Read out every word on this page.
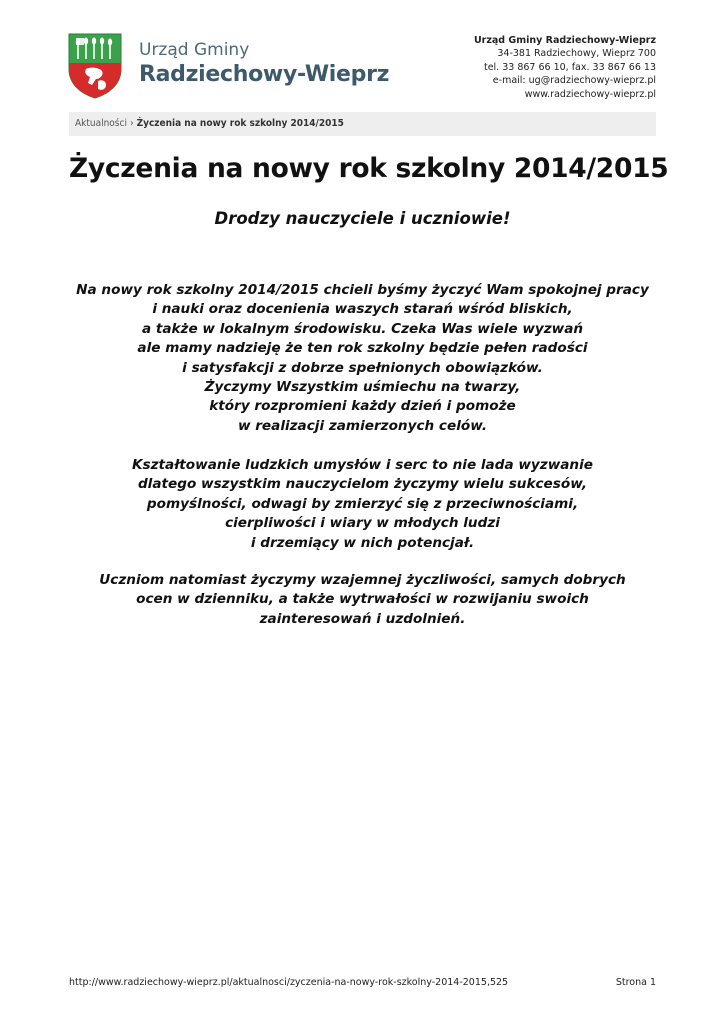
Urząd Gminy
Radziechowy-Wieprz
Urząd Gminy Radziechowy-Wieprz
34-381 Radziechowy, Wieprz 700
tel. 33 867 66 10, fax. 33 867 66 13
e-mail: ug@radziechowy-wieprz.pl
www.radziechowy-wieprz.pl
Aktualności › Życzenia na nowy rok szkolny 2014/2015
Życzenia na nowy rok szkolny 2014/2015
Drodzy nauczyciele i uczniowie!

Na nowy rok szkolny 2014/2015 chcieli byśmy życzyć Wam spokojnej pracy
i nauki oraz docenienia waszych starań wśród bliskich,
a także w lokalnym środowisku. Czeka Was wiele wyzwań
ale mamy nadzieję że ten rok szkolny będzie pełen radości
i satysfakcji z dobrze spełnionych obowiązków.
Życzymy Wszystkim uśmiechu na twarzy,
który rozpromieni każdy dzień i pomoże
w realizacji zamierzonych celów.

Kształtowanie ludzkich umysłów i serc to nie lada wyzwanie
dlatego wszystkim nauczycielom życzymy wielu sukcesów,
pomyślności, odwagi by zmierzyć się z przeciwnościami,
cierpliwości i wiary w młodych ludzi
i drzemiący w nich potencjał.

Uczniom natomiast życzymy wzajemnej życzliwości, samych dobrych
ocen w dzienniku, a także wytrwałości w rozwijaniu swoich
zainteresowań i uzdolnień.

http://www.radziechowy-wieprz.pl/aktualnosci/zyczenia-na-nowy-rok-szkolny-2014-2015,525	Strona 1
